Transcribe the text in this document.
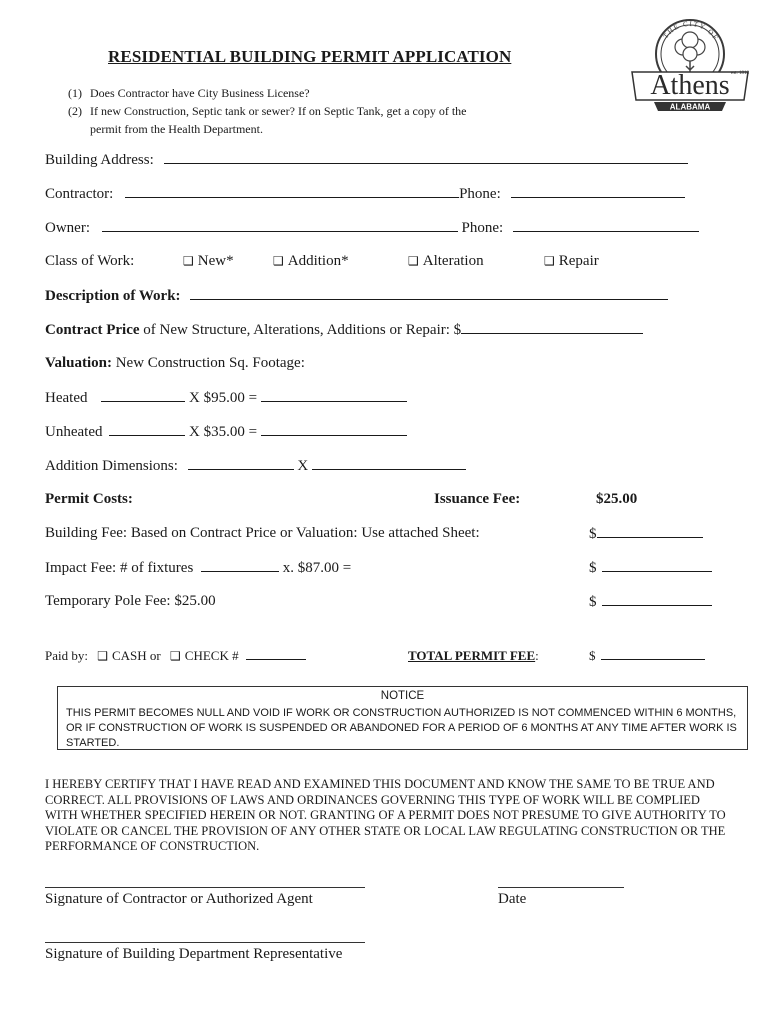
THE CITY OF
Athens est. 1818
ALABAMA
RESIDENTIAL BUILDING PERMIT APPLICATION
(1) Does Contractor have City Business License?
(2) If new Construction, Septic tank or sewer? If on Septic Tank, get a copy of the
permit from the Health Department.
Building Address:
Contractor:	Phone:
Owner:	Phone:
Class of Work:	❑ New*	❑ Addition*	❑ Alteration	❑ Repair
Description of Work:
Contract Price of New Structure, Alterations, Additions or Repair: $
Valuation: New Construction Sq. Footage:
Heated	X $95.00 =
Unheated	X $35.00 =
Addition Dimensions:	X
Permit Costs:	Issuance Fee:	$25.00
Building Fee: Based on Contract Price or Valuation: Use attached Sheet:	$
Impact Fee: # of fixtures	x. $87.00 =	$
Temporary Pole Fee: $25.00	$
Paid by: ❑ CASH or ❑ CHECK #	TOTAL PERMIT FEE:	$
NOTICE
THIS PERMIT BECOMES NULL AND VOID IF WORK OR CONSTRUCTION AUTHORIZED IS NOT COMMENCED WITHIN 6 MONTHS, OR IF CONSTRUCTION OF WORK IS SUSPENDED OR ABANDONED FOR A PERIOD OF 6 MONTHS AT ANY TIME AFTER WORK IS STARTED.
I HEREBY CERTIFY THAT I HAVE READ AND EXAMINED THIS DOCUMENT AND KNOW THE SAME TO BE TRUE AND CORRECT. ALL PROVISIONS OF LAWS AND ORDINANCES GOVERNING THIS TYPE OF WORK WILL BE COMPLIED WITH WHETHER SPECIFIED HEREIN OR NOT. GRANTING OF A PERMIT DOES NOT PRESUME TO GIVE AUTHORITY TO VIOLATE OR CANCEL THE PROVISION OF ANY OTHER STATE OR LOCAL LAW REGULATING CONSTRUCTION OR THE PERFORMANCE OF CONSTRUCTION.
Signature of Contractor or Authorized Agent	Date
Signature of Building Department Representative
